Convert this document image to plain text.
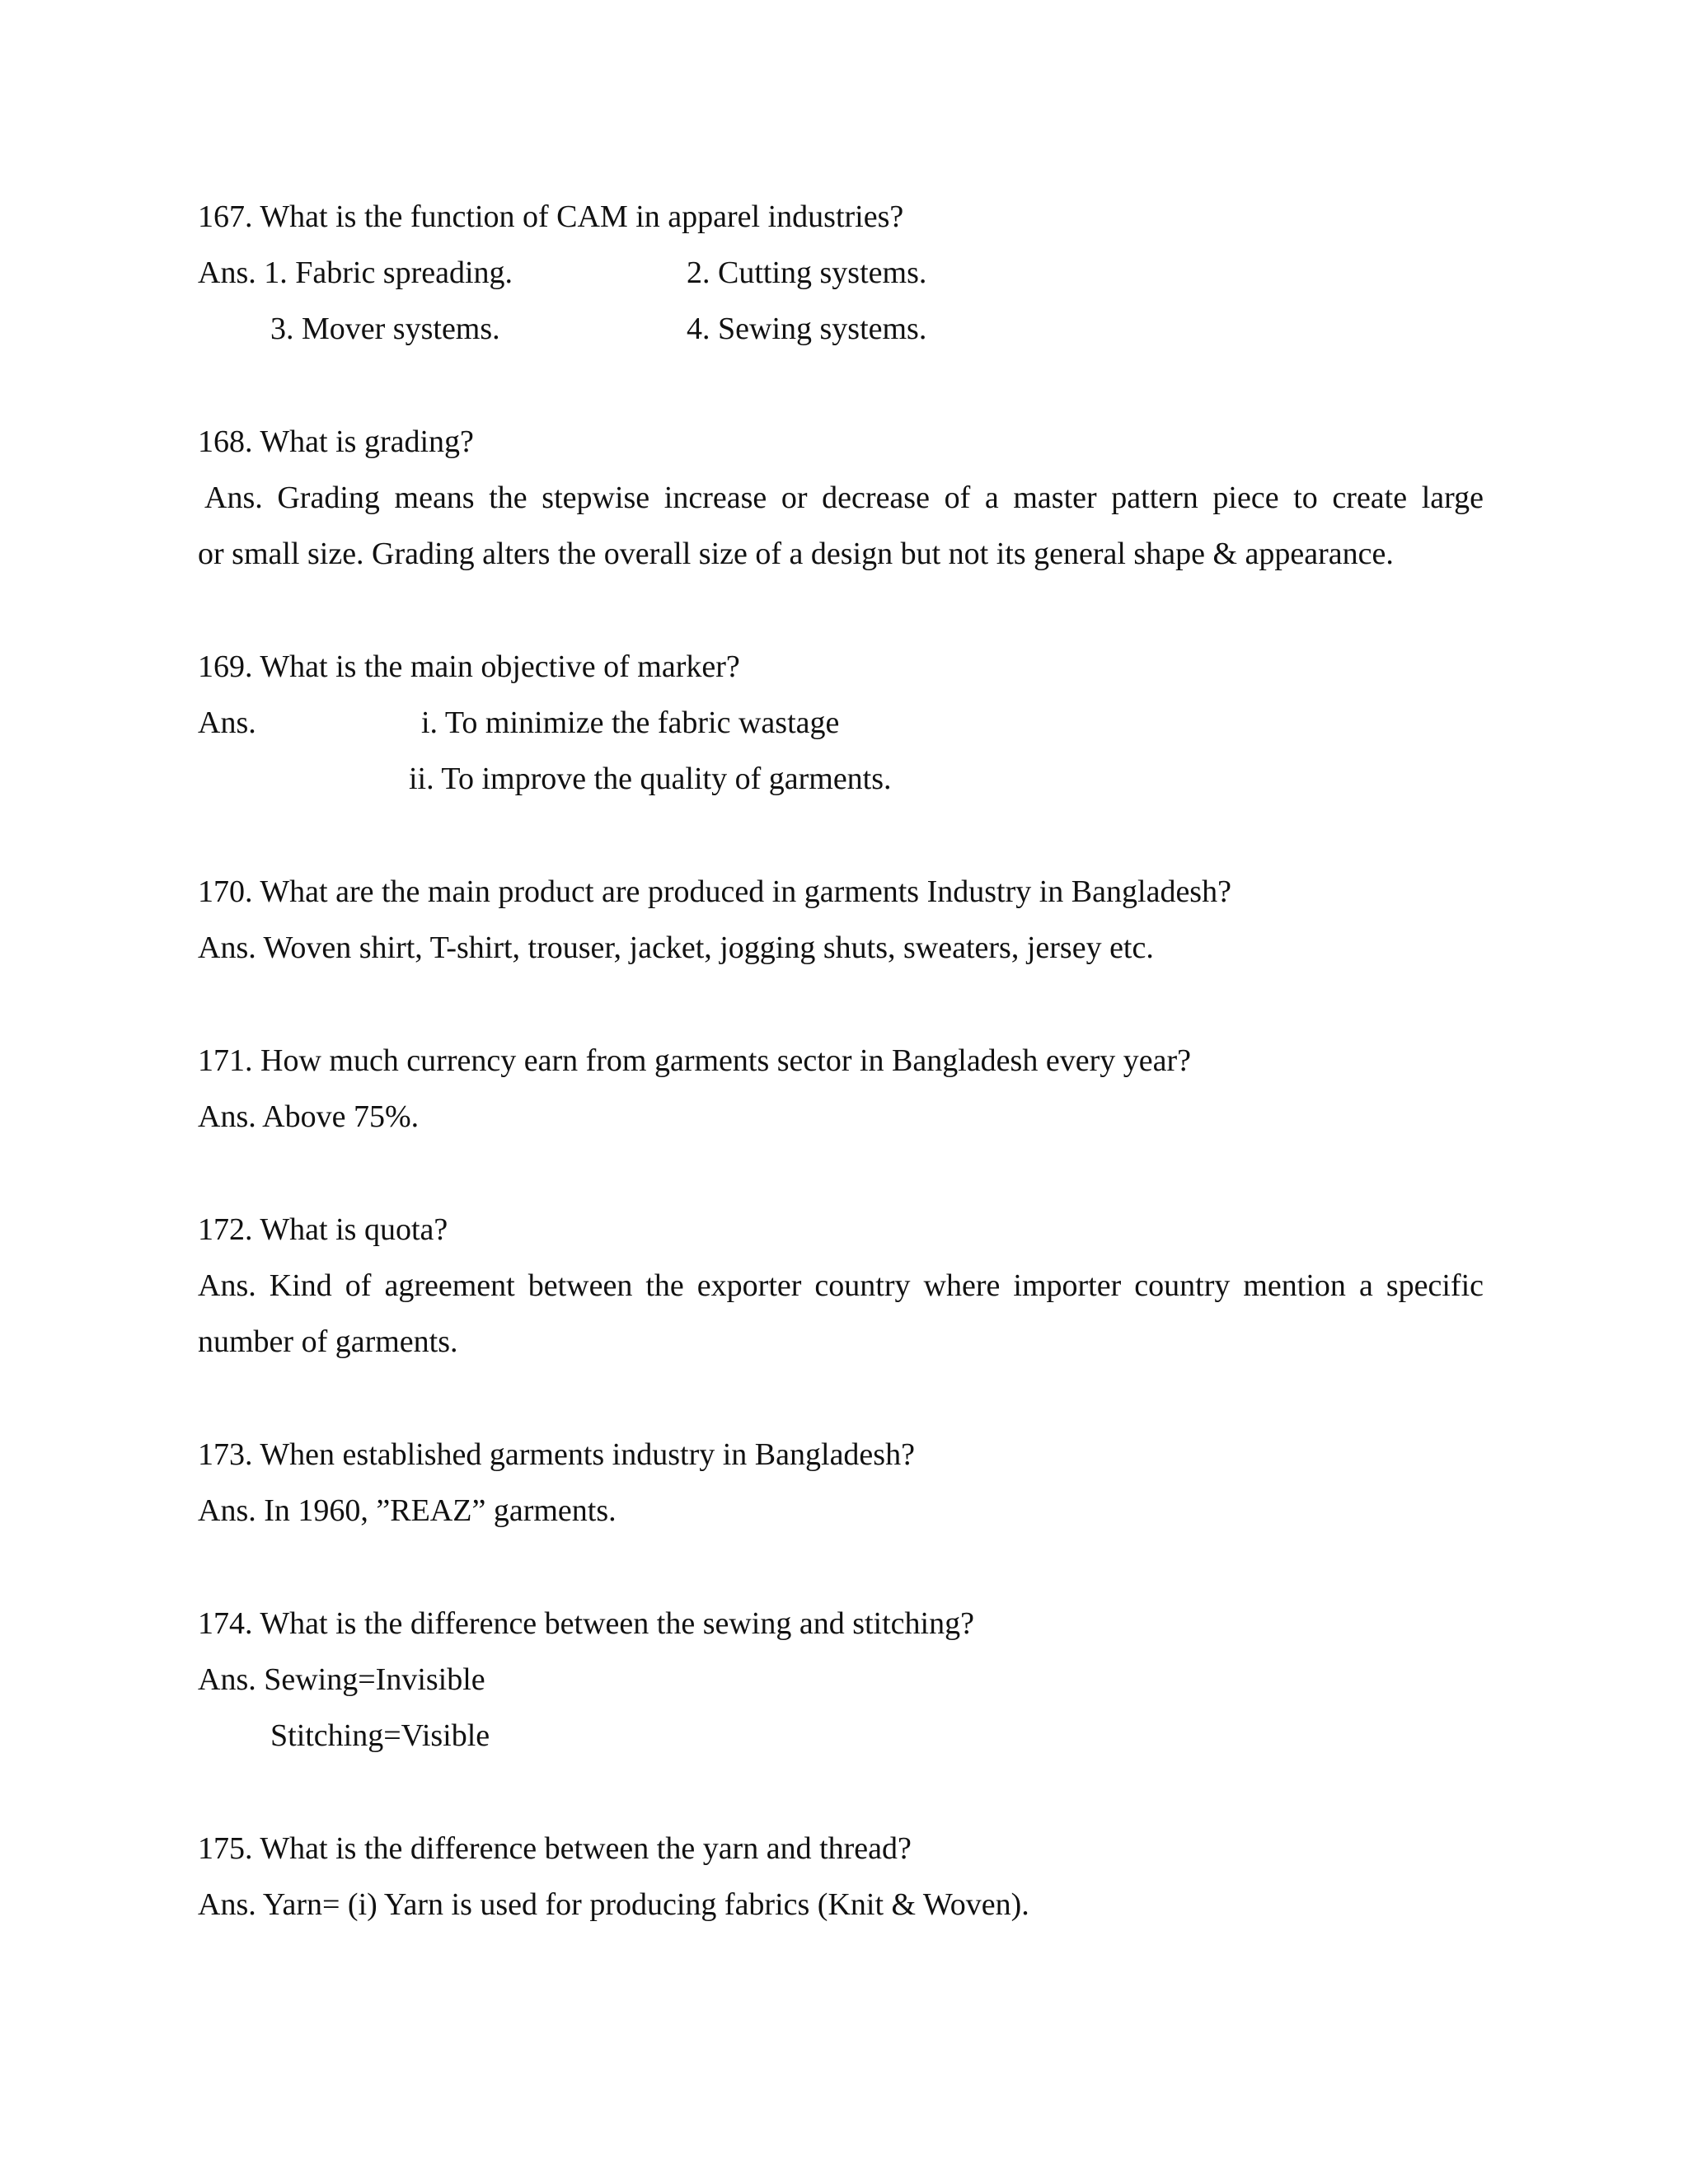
167. What is the function of CAM in apparel industries?
Ans. 1. Fabric spreading.	2. Cutting systems.
3. Mover systems.	4. Sewing systems.
168. What is grading?
Ans. Grading means the stepwise increase or decrease of a master pattern piece to create large
or small size. Grading alters the overall size of a design but not its general shape & appearance.
169. What is the main objective of marker?
Ans.	i. To minimize the fabric wastage
ii. To improve the quality of garments.
170. What are the main product are produced in garments Industry in Bangladesh?
Ans. Woven shirt, T-shirt, trouser, jacket, jogging shuts, sweaters, jersey etc.
171. How much currency earn from garments sector in Bangladesh every year?
Ans. Above 75%.
172. What is quota?
Ans. Kind of agreement between the exporter country where importer country mention a specific
number of garments.
173. When established garments industry in Bangladesh?
Ans. In 1960, ”REAZ” garments.
174. What is the difference between the sewing and stitching?
Ans. Sewing=Invisible
Stitching=Visible
175. What is the difference between the yarn and thread?
Ans. Yarn= (i) Yarn is used for producing fabrics (Knit & Woven).
